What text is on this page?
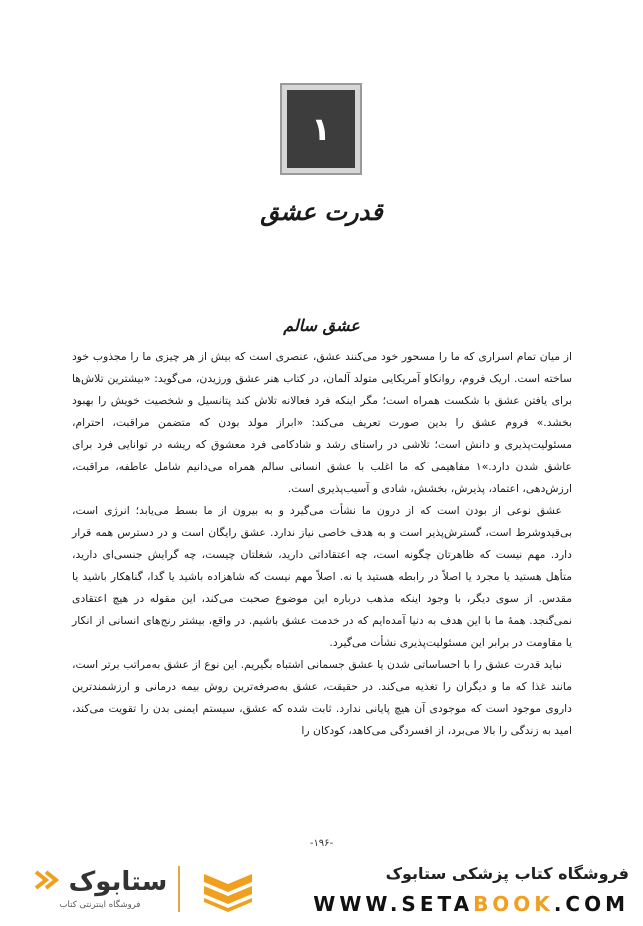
۱
قدرت عشق
عشق سالم

از میان تمام اسراری که ما را مسحور خود می‌کنند عشق، عنصری است که بیش از هر چیزی ما را مجذوب خود ساخته است. اریک فروم، روانکاو آمریکایی متولد آلمان، در کتاب هنر عشق ورزیدن، می‌گوید: «بیشترین تلاش‌ها برای یافتن عشق با شکست همراه است؛ مگر اینکه فرد فعالانه تلاش کند پتانسیل و شخصیت خویش را بهبود بخشد.» فروم عشق را بدین صورت تعریف می‌کند: «ابراز مولد بودن که متضمن مراقبت، احترام، مسئولیت‌پذیری و دانش است؛ تلاشی در راستای رشد و شادکامی فرد معشوق که ریشه در توانایی فرد برای عاشق شدن دارد.»۱ مفاهیمی که ما اغلب با عشق انسانی سالم همراه می‌دانیم شامل عاطفه، مراقبت، ارزش‌دهی، اعتماد، پذیرش، بخشش، شادی و آسیب‌پذیری است.

عشق نوعی از بودن است که از درون ما نشأت می‌گیرد و به بیرون از ما بسط می‌یابد؛ انرژی است، بی‌قیدوشرط است، گسترش‌پذیر است و به هدف خاصی نیاز ندارد. عشق رایگان است و در دسترس همه قرار دارد. مهم نیست که ظاهرتان چگونه است، چه اعتقاداتی دارید، شغلتان چیست، چه گرایش جنسی‌ای دارید، متأهل هستید یا مجرد یا اصلاً در رابطه هستید یا نه. اصلاً مهم نیست که شاهزاده باشید یا گدا، گناهکار باشید یا مقدس. از سوی دیگر، با وجود اینکه مذهب درباره این موضوع صحبت می‌کند، این مقوله در هیچ اعتقادی نمی‌گنجد. همهٔ ما با این هدف به دنیا آمده‌ایم که در خدمت عشق باشیم. در واقع، بیشتر رنج‌های انسانی از انکار یا مقاومت در برابر این مسئولیت‌پذیری نشأت می‌گیرد.

نباید قدرت عشق را با احساساتی شدن یا عشق جسمانی اشتباه بگیریم. این نوع از عشق به‌مراتب برتر است، مانند غذا که ما و دیگران را تغذیه می‌کند. در حقیقت، عشق به‌صرفه‌ترین روش بیمه درمانی و ارزشمندترین داروی موجود است که موجودی آن هیچ پایانی ندارد. ثابت شده که عشق، سیستم ایمنی بدن را تقویت می‌کند، امید به زندگی را بالا می‌برد، از افسردگی می‌کاهد، کودکان را

-۱۹۶-
فروشگاه کتاب پزشکی ستابوک
WWW.SETABOOK.COM
ستابوک
فروشگاه اینترنتی کتاب
